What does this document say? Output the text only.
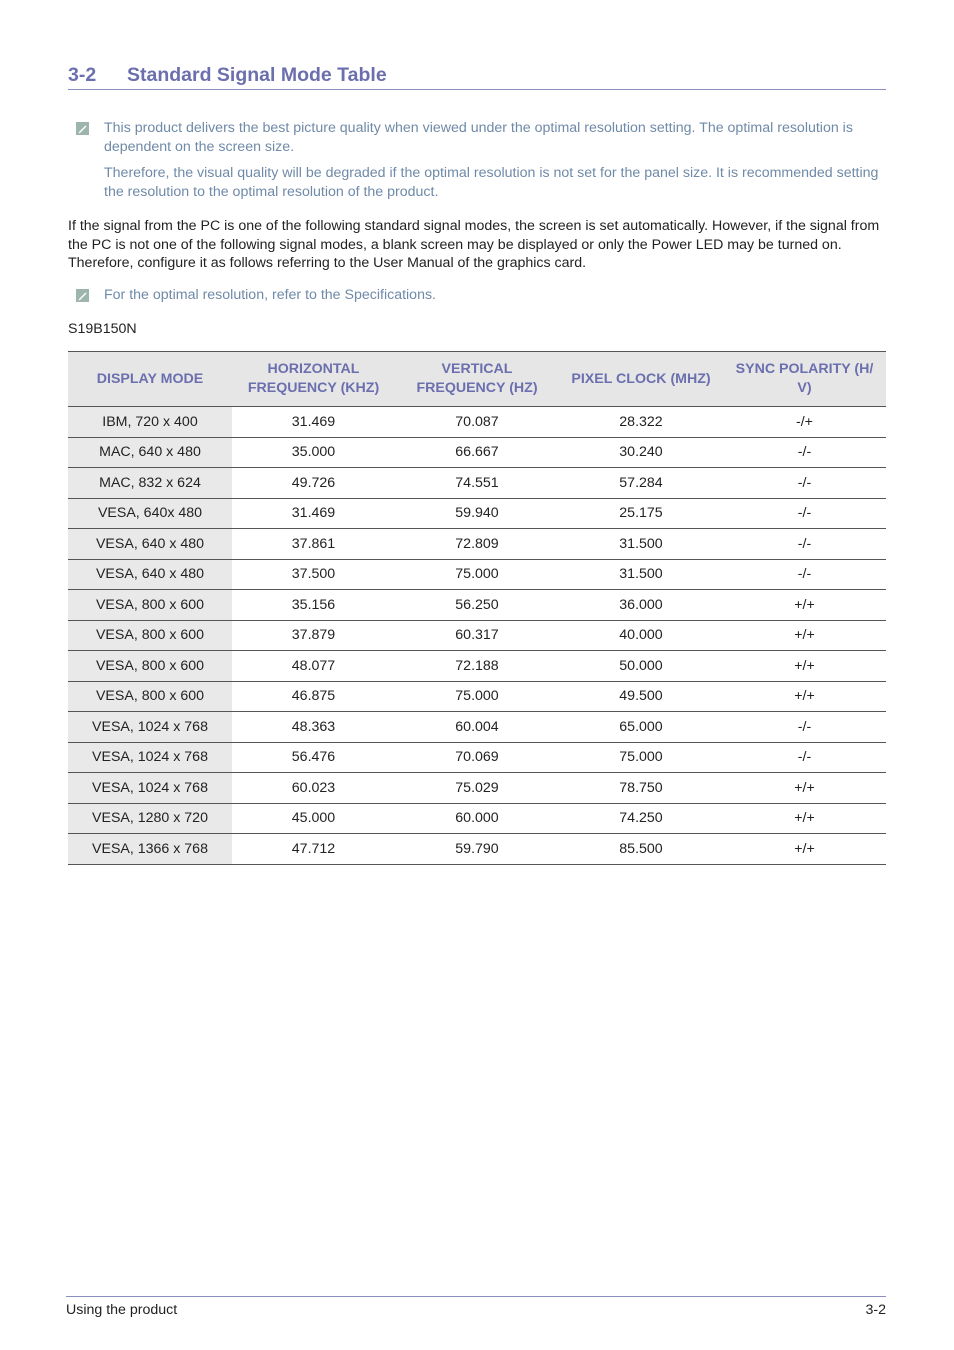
3-2 Standard Signal Mode Table
This product delivers the best picture quality when viewed under the optimal resolution setting. The optimal resolution is dependent on the screen size.
Therefore, the visual quality will be degraded if the optimal resolution is not set for the panel size. It is recommended setting the resolution to the optimal resolution of the product.
If the signal from the PC is one of the following standard signal modes, the screen is set automatically. However, if the signal from the PC is not one of the following signal modes, a blank screen may be displayed or only the Power LED may be turned on. Therefore, configure it as follows referring to the User Manual of the graphics card.
For the optimal resolution, refer to the Specifications.
S19B150N
DISPLAY MODE	HORIZONTAL FREQUENCY (KHZ)	VERTICAL FREQUENCY (HZ)	PIXEL CLOCK (MHZ)	SYNC POLARITY (H/ V)
IBM, 720 x 400	31.469	70.087	28.322	-/+
MAC, 640 x 480	35.000	66.667	30.240	-/-
MAC, 832 x 624	49.726	74.551	57.284	-/-
VESA, 640x 480	31.469	59.940	25.175	-/-
VESA, 640 x 480	37.861	72.809	31.500	-/-
VESA, 640 x 480	37.500	75.000	31.500	-/-
VESA, 800 x 600	35.156	56.250	36.000	+/+
VESA, 800 x 600	37.879	60.317	40.000	+/+
VESA, 800 x 600	48.077	72.188	50.000	+/+
VESA, 800 x 600	46.875	75.000	49.500	+/+
VESA, 1024 x 768	48.363	60.004	65.000	-/-
VESA, 1024 x 768	56.476	70.069	75.000	-/-
VESA, 1024 x 768	60.023	75.029	78.750	+/+
VESA, 1280 x 720	45.000	60.000	74.250	+/+
VESA, 1366 x 768	47.712	59.790	85.500	+/+
Using the product	3-2
